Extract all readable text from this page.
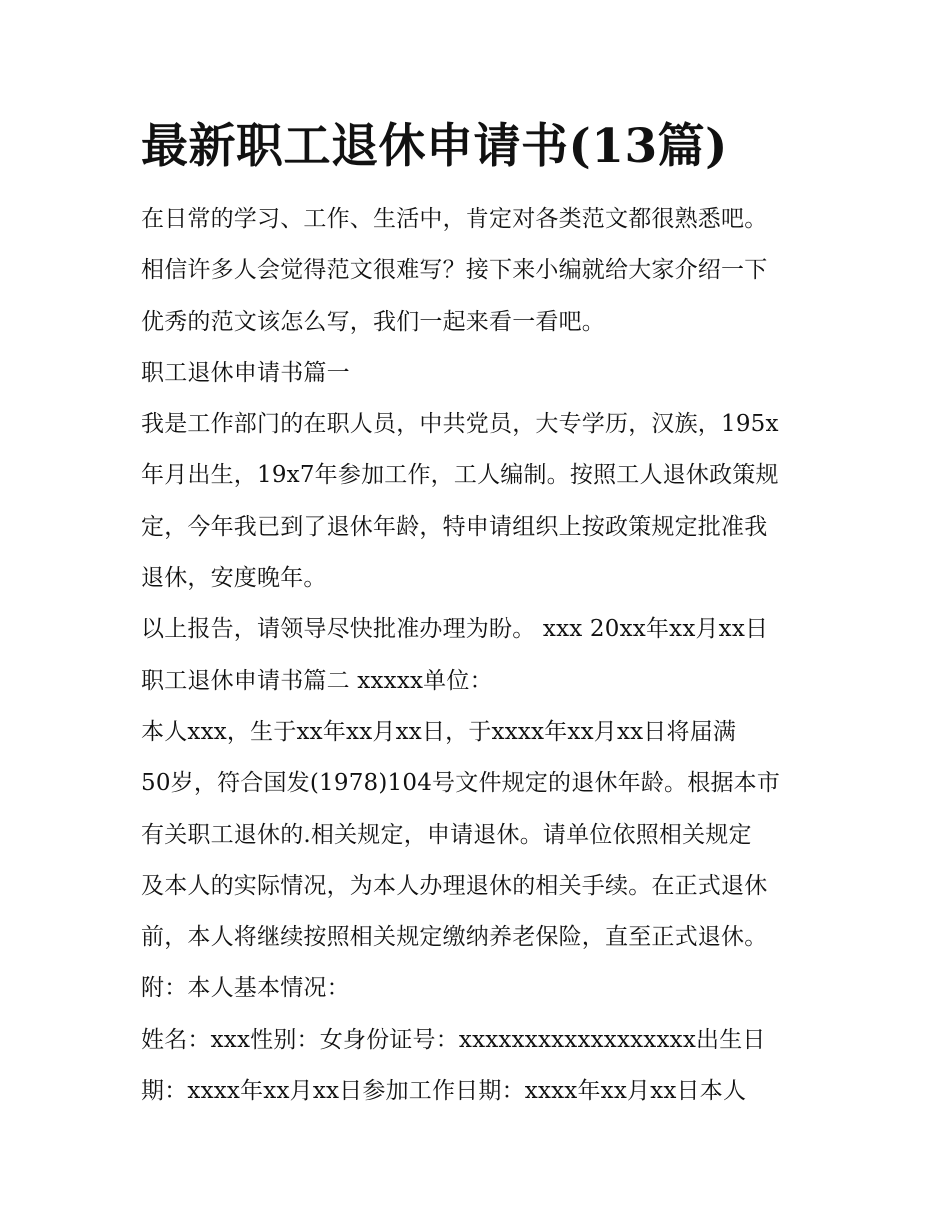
最新职工退休申请书(13篇)
在日常的学习、工作、生活中，肯定对各类范文都很熟悉吧。
相信许多人会觉得范文很难写？接下来小编就给大家介绍一下
优秀的范文该怎么写，我们一起来看一看吧。
职工退休申请书篇一
我是工作部门的在职人员，中共党员，大专学历，汉族，195x
年月出生，19x7年参加工作，工人编制。按照工人退休政策规
定，今年我已到了退休年龄，特申请组织上按政策规定批准我
退休，安度晚年。
以上报告，请领导尽快批准办理为盼。 xxx 20xx年xx月xx日
职工退休申请书篇二 xxxxx单位：
本人xxx，生于xx年xx月xx日，于xxxx年xx月xx日将届满
50岁，符合国发(1978)104号文件规定的退休年龄。根据本市
有关职工退休的.相关规定，申请退休。请单位依照相关规定
及本人的实际情况，为本人办理退休的相关手续。在正式退休
前，本人将继续按照相关规定缴纳养老保险，直至正式退休。
附：本人基本情况：
姓名：xxx性别：女身份证号：xxxxxxxxxxxxxxxxxx出生日
期：xxxx年xx月xx日参加工作日期：xxxx年xx月xx日本人
